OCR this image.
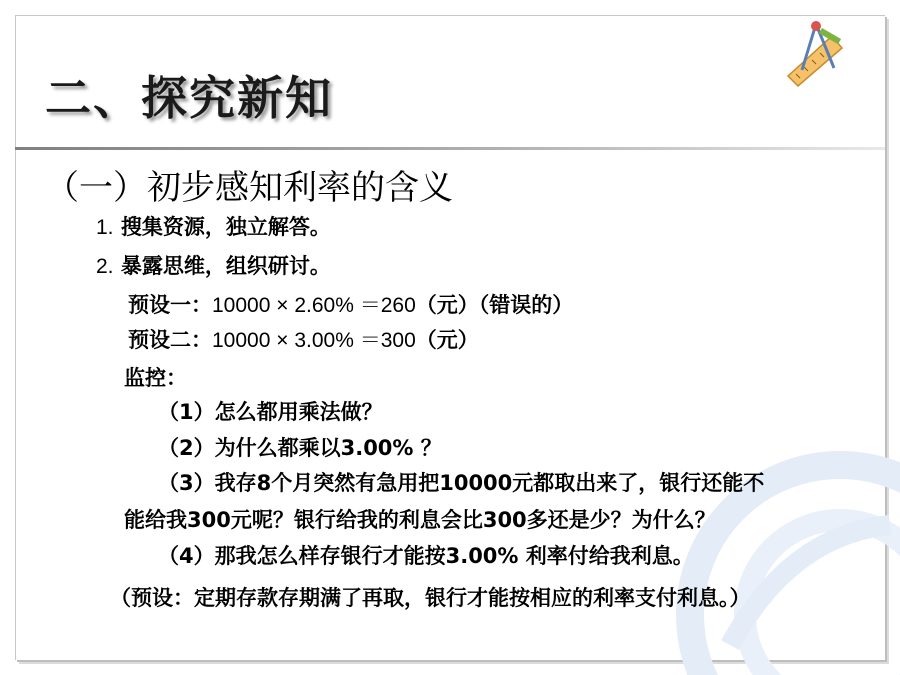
二、探究新知
（一）初步感知利率的含义
1. 搜集资源，独立解答。
2. 暴露思维，组织研讨。
预设一：10000 × 2.60% ＝260（元）（错误的）
预设二：10000 × 3.00% ＝300（元）
监控：
（1）怎么都用乘法做？
（2）为什么都乘以3.00% ？
（3）我存8个月突然有急用把10000元都取出来了，银行还能不
能给我300元呢？银行给我的利息会比300多还是少？为什么？
（4）那我怎么样存银行才能按3.00% 利率付给我利息。
（预设：定期存款存期满了再取，银行才能按相应的利率支付利息。）
